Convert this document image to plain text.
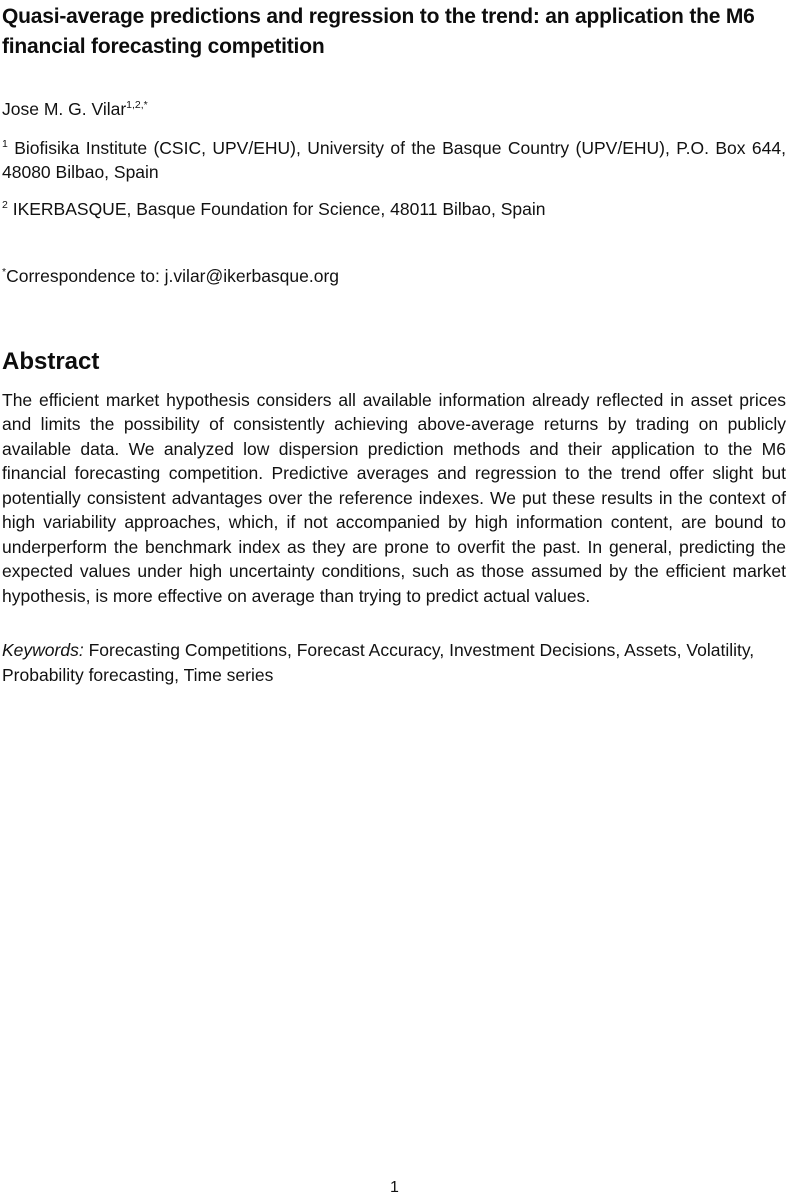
Quasi-average predictions and regression to the trend: an application the M6
financial forecasting competition

Jose M. G. Vilar$^{1,2,*}$

$^1$ Biofisika Institute (CSIC, UPV/EHU), University of the Basque Country (UPV/EHU), P.O. Box 644, 48080 Bilbao, Spain

$^2$ IKERBASQUE, Basque Foundation for Science, 48011 Bilbao, Spain

*Correspondence to: j.vilar@ikerbasque.org

Abstract

The efficient market hypothesis considers all available information already reflected in asset prices and limits the possibility of consistently achieving above-average returns by trading on publicly available data. We analyzed low dispersion prediction methods and their application to the M6 financial forecasting competition. Predictive averages and regression to the trend offer slight but potentially consistent advantages over the reference indexes. We put these results in the context of high variability approaches, which, if not accompanied by high information content, are bound to underperform the benchmark index as they are prone to overfit the past. In general, predicting the expected values under high uncertainty conditions, such as those assumed by the efficient market hypothesis, is more effective on average than trying to predict actual values.

Keywords: Forecasting Competitions, Forecast Accuracy, Investment Decisions, Assets, Volatility, Probability forecasting, Time series

1
